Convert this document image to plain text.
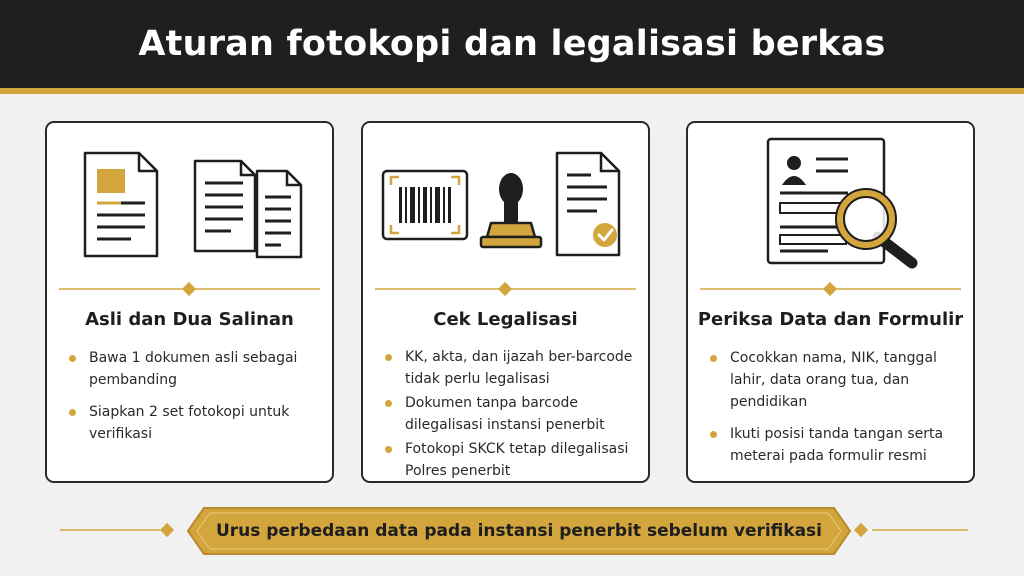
Aturan fotokopi dan legalisasi berkas
Asli dan Dua Salinan
Bawa 1 dokumen asli sebagai pembanding
Siapkan 2 set fotokopi untuk verifikasi
Cek Legalisasi
KK, akta, dan ijazah ber-barcode tidak perlu legalisasi
Dokumen tanpa barcode dilegalisasi instansi penerbit
Fotokopi SKCK tetap dilegalisasi Polres penerbit
Periksa Data dan Formulir
Cocokkan nama, NIK, tanggal lahir, data orang tua, dan pendidikan
Ikuti posisi tanda tangan serta meterai pada formulir resmi
Urus perbedaan data pada instansi penerbit sebelum verifikasi
